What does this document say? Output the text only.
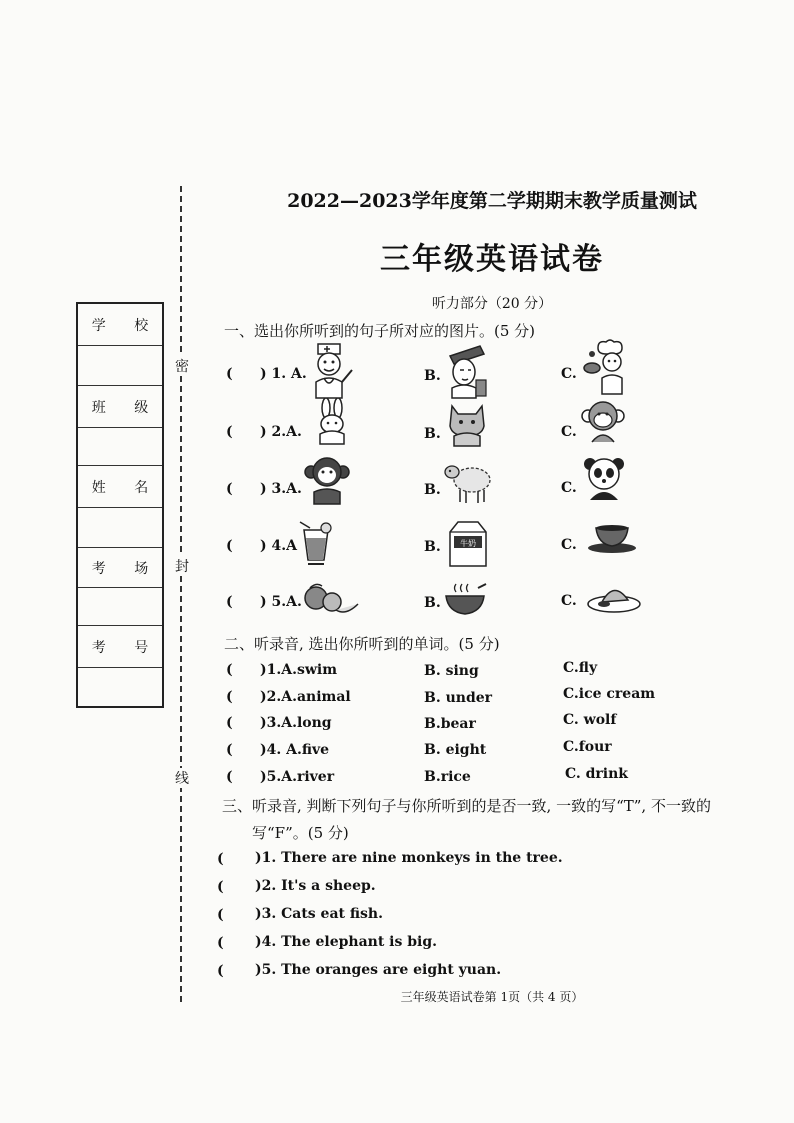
学 校
班 级
姓 名
考 场
考 号
密
封
线
2022—2023学年度第二学期期末教学质量测试
三年级英语试卷
听力部分（20 分）
一、选出你所听到的句子所对应的图片。(5 分)
( ) 1. A.	B.	C.
( ) 2.A.	B.	C.
( ) 3.A.	B.	C.
( ) 4.A	B.	C.
牛奶
( ) 5.A.	B.	C.
二、听录音, 选出你所听到的单词。(5 分)
( )1.A.swim	B. sing	C.fly
( )2.A.animal	B. under	C.ice cream
( )3.A.long	B.bear	C. wolf
( )4. A.five	B. eight	C.four
( )5.A.river	B.rice	C. drink
三、听录音, 判断下列句子与你所听到的是否一致, 一致的写“T”, 不一致的
写“F”。(5 分)
( )1. There are nine monkeys in the tree.
( )2. It's a sheep.
( )3. Cats eat fish.
( )4. The elephant is big.
( )5. The oranges are eight yuan.
三年级英语试卷第 1页（共 4 页）
